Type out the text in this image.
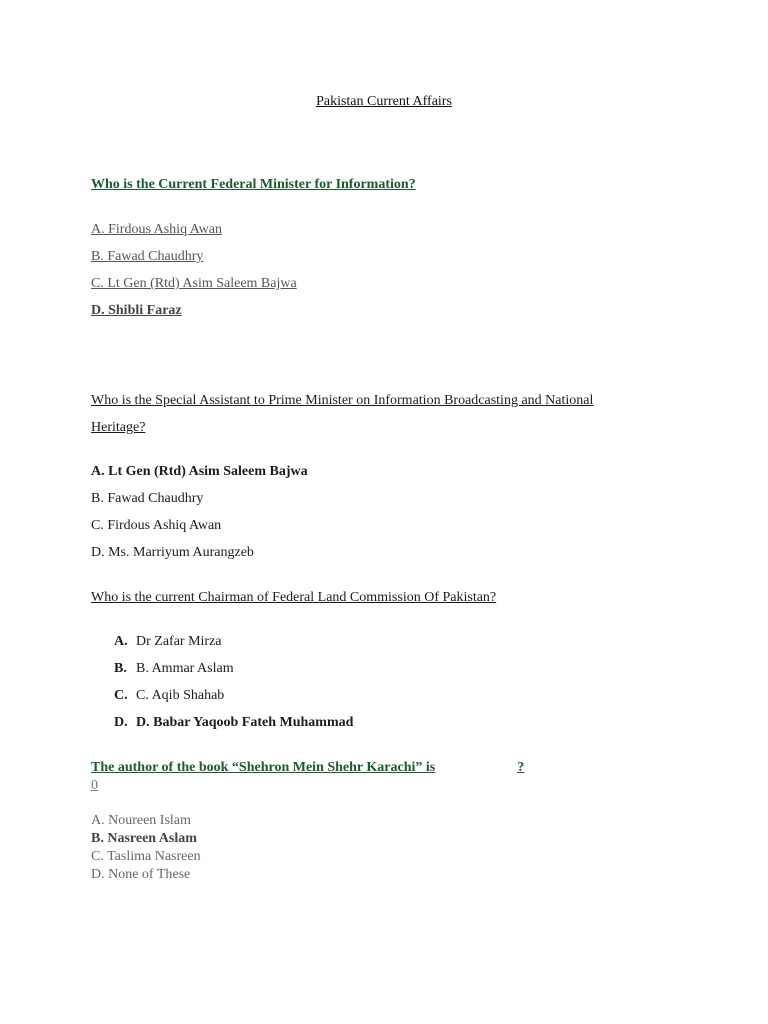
Pakistan Current Affairs
Who is the Current Federal Minister for Information?
A. Firdous Ashiq Awan
B. Fawad Chaudhry
C. Lt Gen (Rtd) Asim Saleem Bajwa
D. Shibli Faraz
Who is the Special Assistant to Prime Minister on Information Broadcasting and National
Heritage?
A. Lt Gen (Rtd) Asim Saleem Bajwa
B. Fawad Chaudhry
C. Firdous Ashiq Awan
D. Ms. Marriyum Aurangzeb
Who is the current Chairman of Federal Land Commission Of Pakistan?
A. Dr Zafar Mirza
B. B. Ammar Aslam
C. C. Aqib Shahab
D. D. Babar Yaqoob Fateh Muhammad
The author of the book “Shehron Mein Shehr Karachi” is	?
0
A. Noureen Islam
B. Nasreen Aslam
C. Taslima Nasreen
D. None of These
